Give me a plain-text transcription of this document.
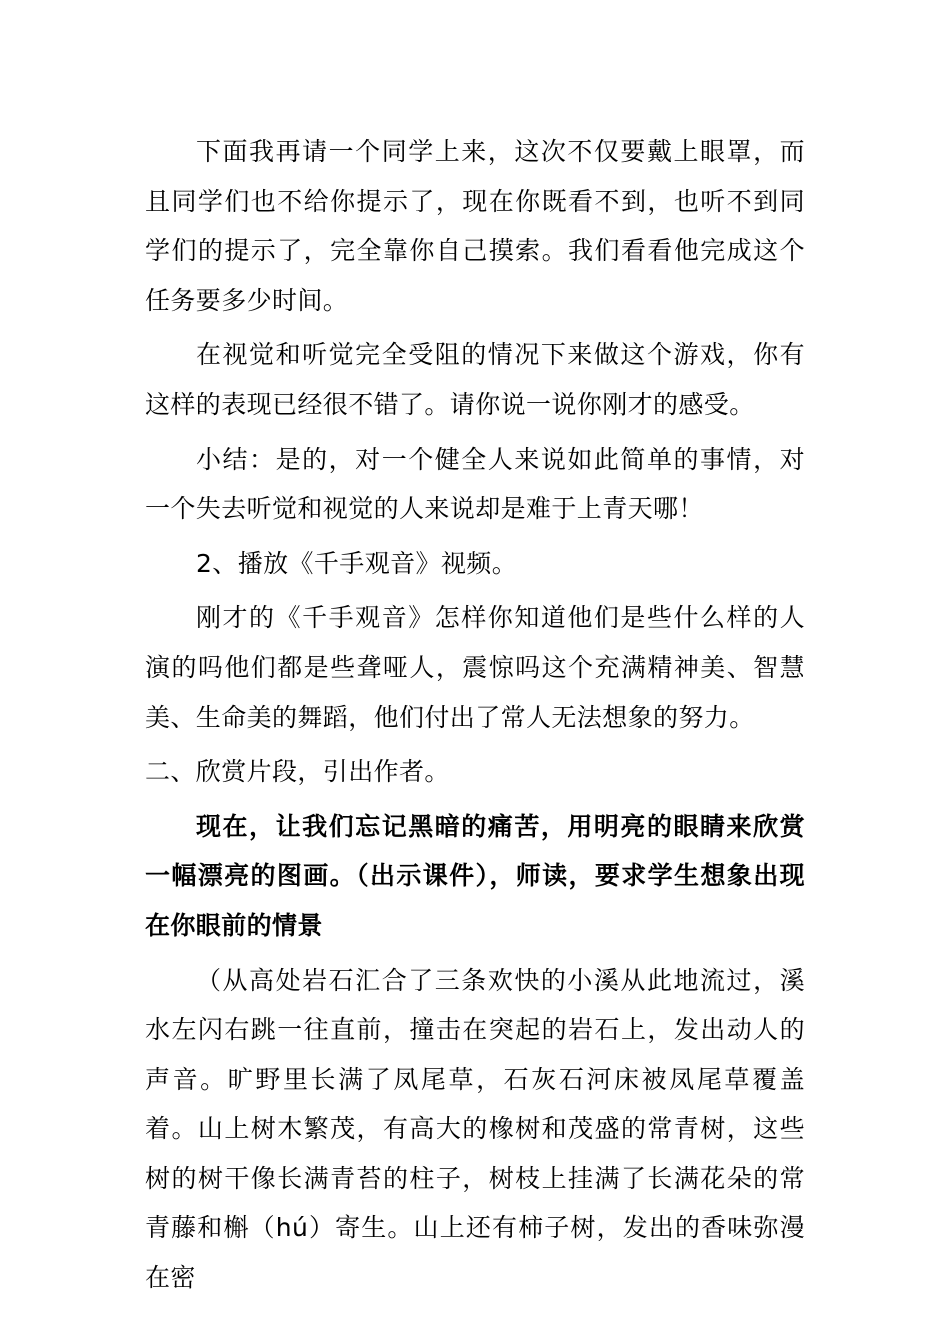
下面我再请一个同学上来，这次不仅要戴上眼罩，而且同学们也不给你提示了，现在你既看不到，也听不到同学们的提示了，完全靠你自己摸索。我们看看他完成这个任务要多少时间。

在视觉和听觉完全受阻的情况下来做这个游戏，你有这样的表现已经很不错了。请你说一说你刚才的感受。

小结：是的，对一个健全人来说如此简单的事情，对一个失去听觉和视觉的人来说却是难于上青天哪！

2、播放《千手观音》视频。

刚才的《千手观音》怎样你知道他们是些什么样的人演的吗他们都是些聋哑人，震惊吗这个充满精神美、智慧美、生命美的舞蹈，他们付出了常人无法想象的努力。

二、欣赏片段，引出作者。

现在，让我们忘记黑暗的痛苦，用明亮的眼睛来欣赏一幅漂亮的图画。（出示课件），师读，要求学生想象出现在你眼前的情景

（从高处岩石汇合了三条欢快的小溪从此地流过，溪水左闪右跳一往直前，撞击在突起的岩石上，发出动人的声音。旷野里长满了凤尾草，石灰石河床被凤尾草覆盖着。山上树木繁茂，有高大的橡树和茂盛的常青树，这些树的树干像长满青苔的柱子，树枝上挂满了长满花朵的常青藤和槲（hú）寄生。山上还有柿子树，发出的香味弥漫在密
